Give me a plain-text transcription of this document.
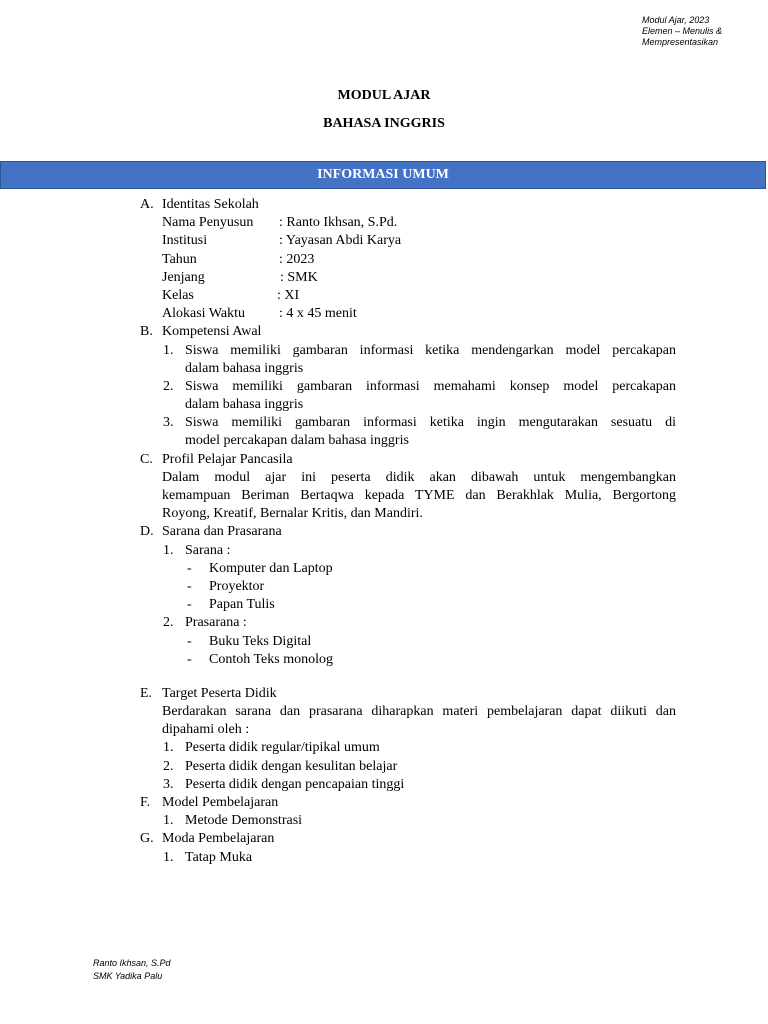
Modul Ajar, 2023
Elemen – Menulis &
Mempresentasikan
MODUL AJAR
BAHASA INGGRIS
INFORMASI UMUM
A. Identitas Sekolah
Nama Penyusun : Ranto Ikhsan, S.Pd.
Institusi	: Yayasan Abdi Karya
Tahun	: 2023
Jenjang	: SMK
Kelas	: XI
Alokasi Waktu : 4 x 45 menit
B. Kompetensi Awal
1. Siswa memiliki gambaran informasi ketika mendengarkan model percakapan
dalam bahasa inggris
2. Siswa memiliki gambaran informasi memahami konsep model percakapan
dalam bahasa inggris
3. Siswa memiliki gambaran informasi ketika ingin mengutarakan sesuatu di
model percakapan dalam bahasa inggris
C. Profil Pelajar Pancasila
Dalam modul ajar ini peserta didik akan dibawah untuk mengembangkan
kemampuan Beriman Bertaqwa kepada TYME dan Berakhlak Mulia, Bergortong
Royong, Kreatif, Bernalar Kritis, dan Mandiri.
D. Sarana dan Prasarana
1. Sarana :
- Komputer dan Laptop
- Proyektor
- Papan Tulis
2. Prasarana :
- Buku Teks Digital
- Contoh Teks monolog
E. Target Peserta Didik
Berdarakan sarana dan prasarana diharapkan materi pembelajaran dapat diikuti dan
dipahami oleh :
1. Peserta didik regular/tipikal umum
2. Peserta didik dengan kesulitan belajar
3. Peserta didik dengan pencapaian tinggi
F. Model Pembelajaran
1. Metode Demonstrasi
G. Moda Pembelajaran
1. Tatap Muka
Ranto Ikhsan, S.Pd
SMK Yadika Palu
